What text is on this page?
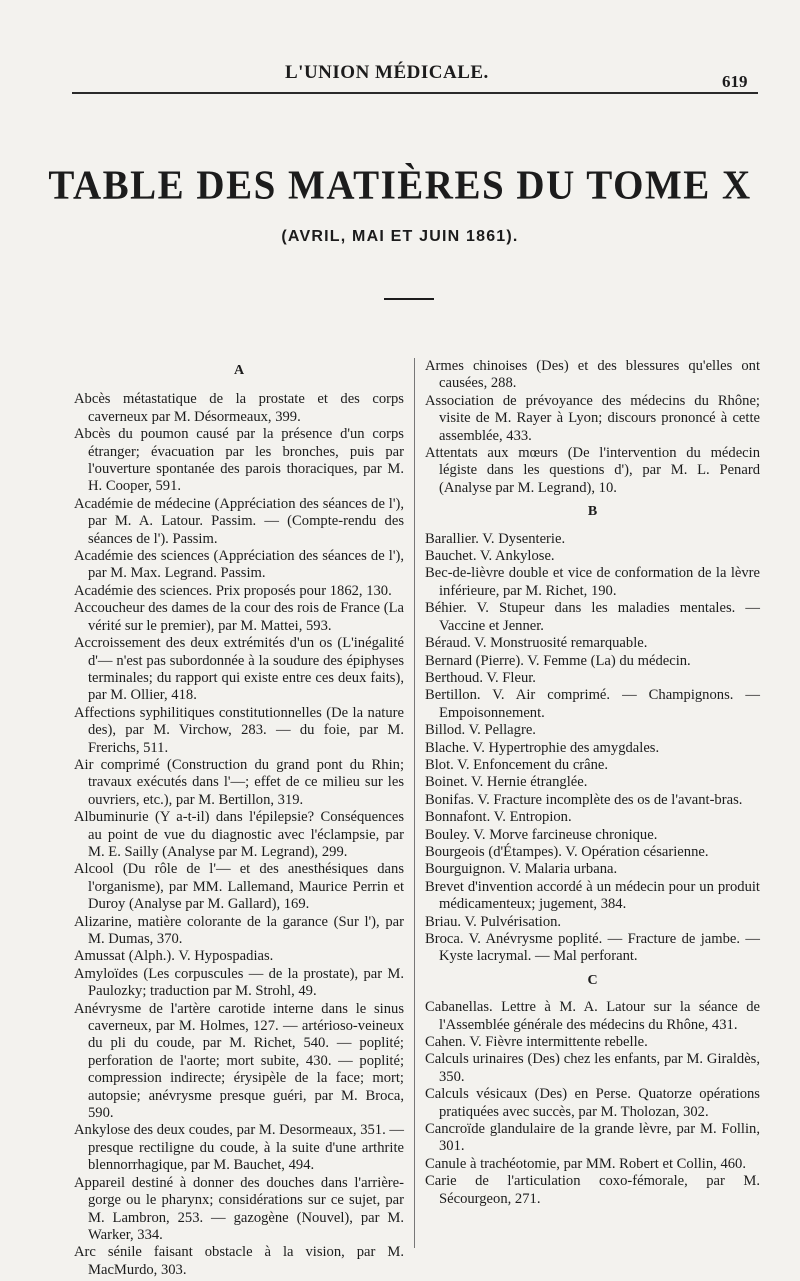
L'UNION MÉDICALE.	619
TABLE DES MATIÈRES DU TOME X
(AVRIL, MAI ET JUIN 1861).
A

Abcès métastatique de la prostate et des corps caverneux par M. Désormeaux, 399.

Abcès du poumon causé par la présence d'un corps étranger; évacuation par les bronches, puis par l'ouverture spontanée des parois thoraciques, par M. H. Cooper, 591.

Académie de médecine (Appréciation des séances de l'), par M. A. Latour. Passim. — (Compte-rendu des séances de l'). Passim.

Académie des sciences (Appréciation des séances de l'), par M. Max. Legrand. Passim.

Académie des sciences. Prix proposés pour 1862, 130.

Accoucheur des dames de la cour des rois de France (La vérité sur le premier), par M. Mattei, 593.

Accroissement des deux extrémités d'un os (L'inégalité d'— n'est pas subordonnée à la soudure des épiphyses terminales; du rapport qui existe entre ces deux faits), par M. Ollier, 418.

Affections syphilitiques constitutionnelles (De la nature des), par M. Virchow, 283. — du foie, par M. Frerichs, 511.

Air comprimé (Construction du grand pont du Rhin; travaux exécutés dans l'—; effet de ce milieu sur les ouvriers, etc.), par M. Bertillon, 319.

Albuminurie (Y a-t-il) dans l'épilepsie? Conséquences au point de vue du diagnostic avec l'éclampsie, par M. E. Sailly (Analyse par M. Legrand), 299.

Alcool (Du rôle de l'— et des anesthésiques dans l'organisme), par MM. Lallemand, Maurice Perrin et Duroy (Analyse par M. Gallard), 169.

Alizarine, matière colorante de la garance (Sur l'), par M. Dumas, 370.

Amussat (Alph.). V. Hypospadias.

Amyloïdes (Les corpuscules — de la prostate), par M. Paulozky; traduction par M. Strohl, 49.

Anévrysme de l'artère carotide interne dans le sinus caverneux, par M. Holmes, 127. — artérioso-veineux du pli du coude, par M. Richet, 540. — poplité; perforation de l'aorte; mort subite, 430. — poplité; compression indirecte; érysipèle de la face; mort; autopsie; anévrysme presque guéri, par M. Broca, 590.

Ankylose des deux coudes, par M. Desormeaux, 351. — presque rectiligne du coude, à la suite d'une arthrite blennorrhagique, par M. Bauchet, 494.

Appareil destiné à donner des douches dans l'arrière-gorge ou le pharynx; considérations sur ce sujet, par M. Lambron, 253. — gazogène (Nouvel), par M. Warker, 334.

Arc sénile faisant obstacle à la vision, par M. MacMurdo, 303.

Armes chinoises (Des) et des blessures qu'elles ont causées, 288.

Association de prévoyance des médecins du Rhône; visite de M. Rayer à Lyon; discours prononcé à cette assemblée, 433.

Attentats aux mœurs (De l'intervention du médecin légiste dans les questions d'), par M. L. Penard (Analyse par M. Legrand), 10.

B

Barallier. V. Dysenterie.

Bauchet. V. Ankylose.

Bec-de-lièvre double et vice de conformation de la lèvre inférieure, par M. Richet, 190.

Béhier. V. Stupeur dans les maladies mentales. — Vaccine et Jenner.

Béraud. V. Monstruosité remarquable.

Bernard (Pierre). V. Femme (La) du médecin.

Berthoud. V. Fleur.

Bertillon. V. Air comprimé. — Champignons. — Empoisonnement.

Billod. V. Pellagre.

Blache. V. Hypertrophie des amygdales.

Blot. V. Enfoncement du crâne.

Boinet. V. Hernie étranglée.

Bonifas. V. Fracture incomplète des os de l'avant-bras.

Bonnafont. V. Entropion.

Bouley. V. Morve farcineuse chronique.

Bourgeois (d'Étampes). V. Opération césarienne.

Bourguignon. V. Malaria urbana.

Brevet d'invention accordé à un médecin pour un produit médicamenteux; jugement, 384.

Briau. V. Pulvérisation.

Broca. V. Anévrysme poplité. — Fracture de jambe. — Kyste lacrymal. — Mal perforant.

C

Cabanellas. Lettre à M. A. Latour sur la séance de l'Assemblée générale des médecins du Rhône, 431.

Cahen. V. Fièvre intermittente rebelle.

Calculs urinaires (Des) chez les enfants, par M. Giraldès, 350.

Calculs vésicaux (Des) en Perse. Quatorze opérations pratiquées avec succès, par M. Tholozan, 302.

Cancroïde glandulaire de la grande lèvre, par M. Follin, 301.

Canule à trachéotomie, par MM. Robert et Collin, 460.

Carie de l'articulation coxo-fémorale, par M. Sécourgeon, 271.
